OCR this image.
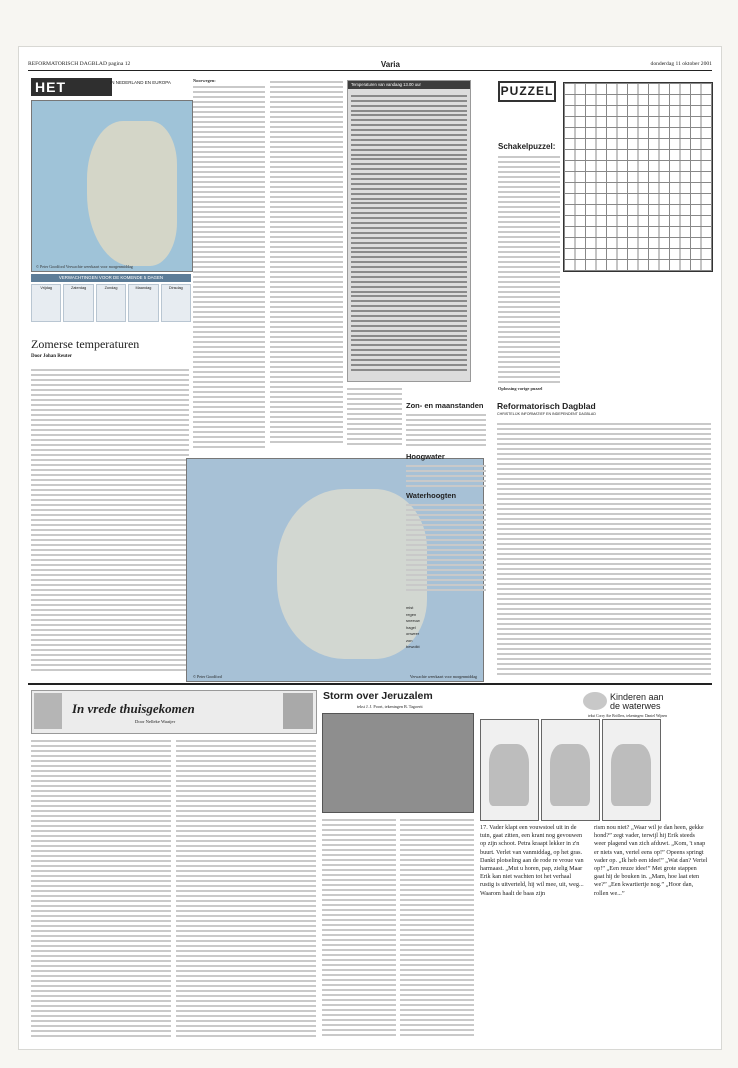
REFORMATORISCH DAGBLAD pagina 12	Varia	donderdag 11 oktober 2001
HET	IN NEDERLAND EN EUROPA
© Peter Goodford Verwachte weerkaart voor morgenmiddag
VERWACHTINGEN VOOR DE KOMENDE 5 DAGEN
Vrijdag	Zaterdag	Zondag	Maandag	Dinsdag
Zomerse temperaturen
Door Johan Reuter
Noorwegen:
Temperaturen van vandaag 13.00 uur
© Peter Goodford	Verwachte weerkaart voor morgenmiddag
Zon- en maanstanden
Hoogwater
Waterhoogten
mist
regen
sneeuw
hagel
onweer
zon
bewolkt
PUZZEL
Schakelpuzzel:
Oplossing vorige puzzel
Reformatorisch Dagblad
CHRISTELIJK INFORMATIEF EN INDEPENDENT DAGBLAD
In vrede thuisgekomen
Door Nelleke Waaijer
Storm over Jeruzalem
tekst J. J. Poort, tekeningen B. Tagoerit
Kinderen aan
de waterwes
tekst Corry Ate Bröllers, tekeningen: Daniel Wijnen

17. Vader klapt een vouwstoel uit in de tuin, gaat zitten, een krant nog gevouwen op zijn schoot. Petra kraapt lekker in z'n buurt. Verlet van vanmiddag, op het gras. Dankt plotseling aan de rode re vroue van harmaast. „Mut u horen, pap, zielig Maar Erik kan niet wachten tot het verhaal rustig is uitverteld, hij wil mee, uit, weg... Waarom haalt de baas zijn

rism nou niet? „Waar wil je dan heen, gekke hond?” zegt vader, terwijl hij Erik steeds weer plagend van zich afduwt. „Kom, 't snap er niets van, vertel eens op!” Opeens springt vader op. „Ik heb een idee!” „Wat dan? Vertel op!” „Een reuze idee!” Met grote stappen gaat hij de bouken in. „Mam, hoe laat eten we?” „Een kwartiertje nog.” „Hoor dan, rollen we...”
